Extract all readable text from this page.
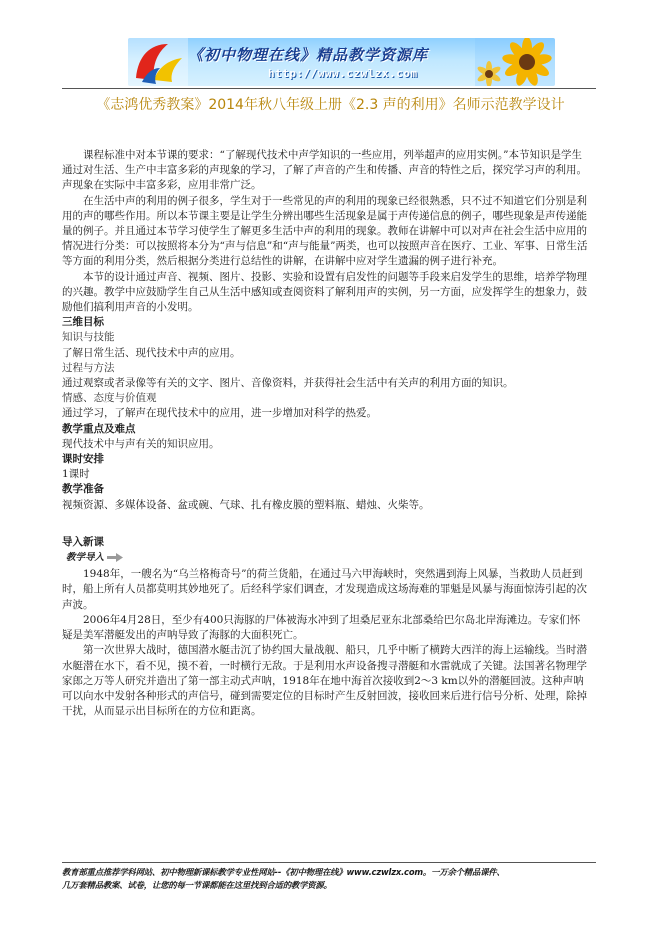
《初中物理在线》精品教学资源库
http://www.czwlzx.com
《志鸿优秀教案》2014年秋八年级上册《2.3 声的利用》名师示范教学设计

课程标准中对本节课的要求：“了解现代技术中声学知识的一些应用，列举超声的应用实例。”本节知识是学生通过对生活、生产中丰富多彩的声现象的学习，了解了声音的产生和传播、声音的特性之后，探究学习声的利用。声现象在实际中丰富多彩，应用非常广泛。

在生活中声的利用的例子很多，学生对于一些常见的声的利用的现象已经很熟悉，只不过不知道它们分别是利用的声的哪些作用。所以本节课主要是让学生分辨出哪些生活现象是属于声传递信息的例子，哪些现象是声传递能量的例子。并且通过本节学习使学生了解更多生活中声的利用的现象。教师在讲解中可以对声在社会生活中应用的情况进行分类：可以按照将本分为“声与信息”和“声与能量”两类，也可以按照声音在医疗、工业、军事、日常生活等方面的利用分类，然后根据分类进行总结性的讲解，在讲解中应对学生遗漏的例子进行补充。

本节的设计通过声音、视频、图片、投影、实验和设置有启发性的问题等手段来启发学生的思维，培养学物理的兴趣。教学中应鼓励学生自己从生活中感知或查阅资料了解利用声的实例，另一方面，应发挥学生的想象力，鼓励他们搞利用声音的小发明。

三维目标

知识与技能

了解日常生活、现代技术中声的应用。

过程与方法

通过观察或者录像等有关的文字、图片、音像资料，并获得社会生活中有关声的利用方面的知识。

情感、态度与价值观

通过学习，了解声在现代技术中的应用，进一步增加对科学的热爱。

教学重点及难点

现代技术中与声有关的知识应用。

课时安排

1课时

教学准备

视频资源、多媒体设备、盆或碗、气球、扎有橡皮膜的塑料瓶、蜡烛、火柴等。

导入新课

教学导入

1948年，一艘名为“乌兰格梅奇号”的荷兰货船，在通过马六甲海峡时，突然遇到海上风暴，当救助人员赶到时，船上所有人员都莫明其妙地死了。后经科学家们调查，才发现造成这场海难的罪魁是风暴与海面惊涛引起的次声波。

2006年4月28日，至少有400只海豚的尸体被海水冲到了坦桑尼亚东北部桑给巴尔岛北岸海滩边。专家们怀疑是美军潜艇发出的声呐导致了海豚的大面积死亡。

第一次世界大战时，德国潜水艇击沉了协约国大量战舰、船只，几乎中断了横跨大西洋的海上运输线。当时潜水艇潜在水下，看不见，摸不着，一时横行无敌。于是利用水声设备搜寻潜艇和水雷就成了关键。法国著名物理学家郎之万等人研究并造出了第一部主动式声呐，1918年在地中海首次接收到2～3 km以外的潜艇回波。这种声呐可以向水中发射各种形式的声信号，碰到需要定位的目标时产生反射回波，接收回来后进行信号分析、处理，除掉干扰，从而显示出目标所在的方位和距离。

教育部重点推荐学科网站、初中物理新课标教学专业性网站--《初中物理在线》www.czwlzx.com。一万余个精品课件、

几万套精品教案、试卷，让您的每一节课都能在这里找到合适的教学资源。
